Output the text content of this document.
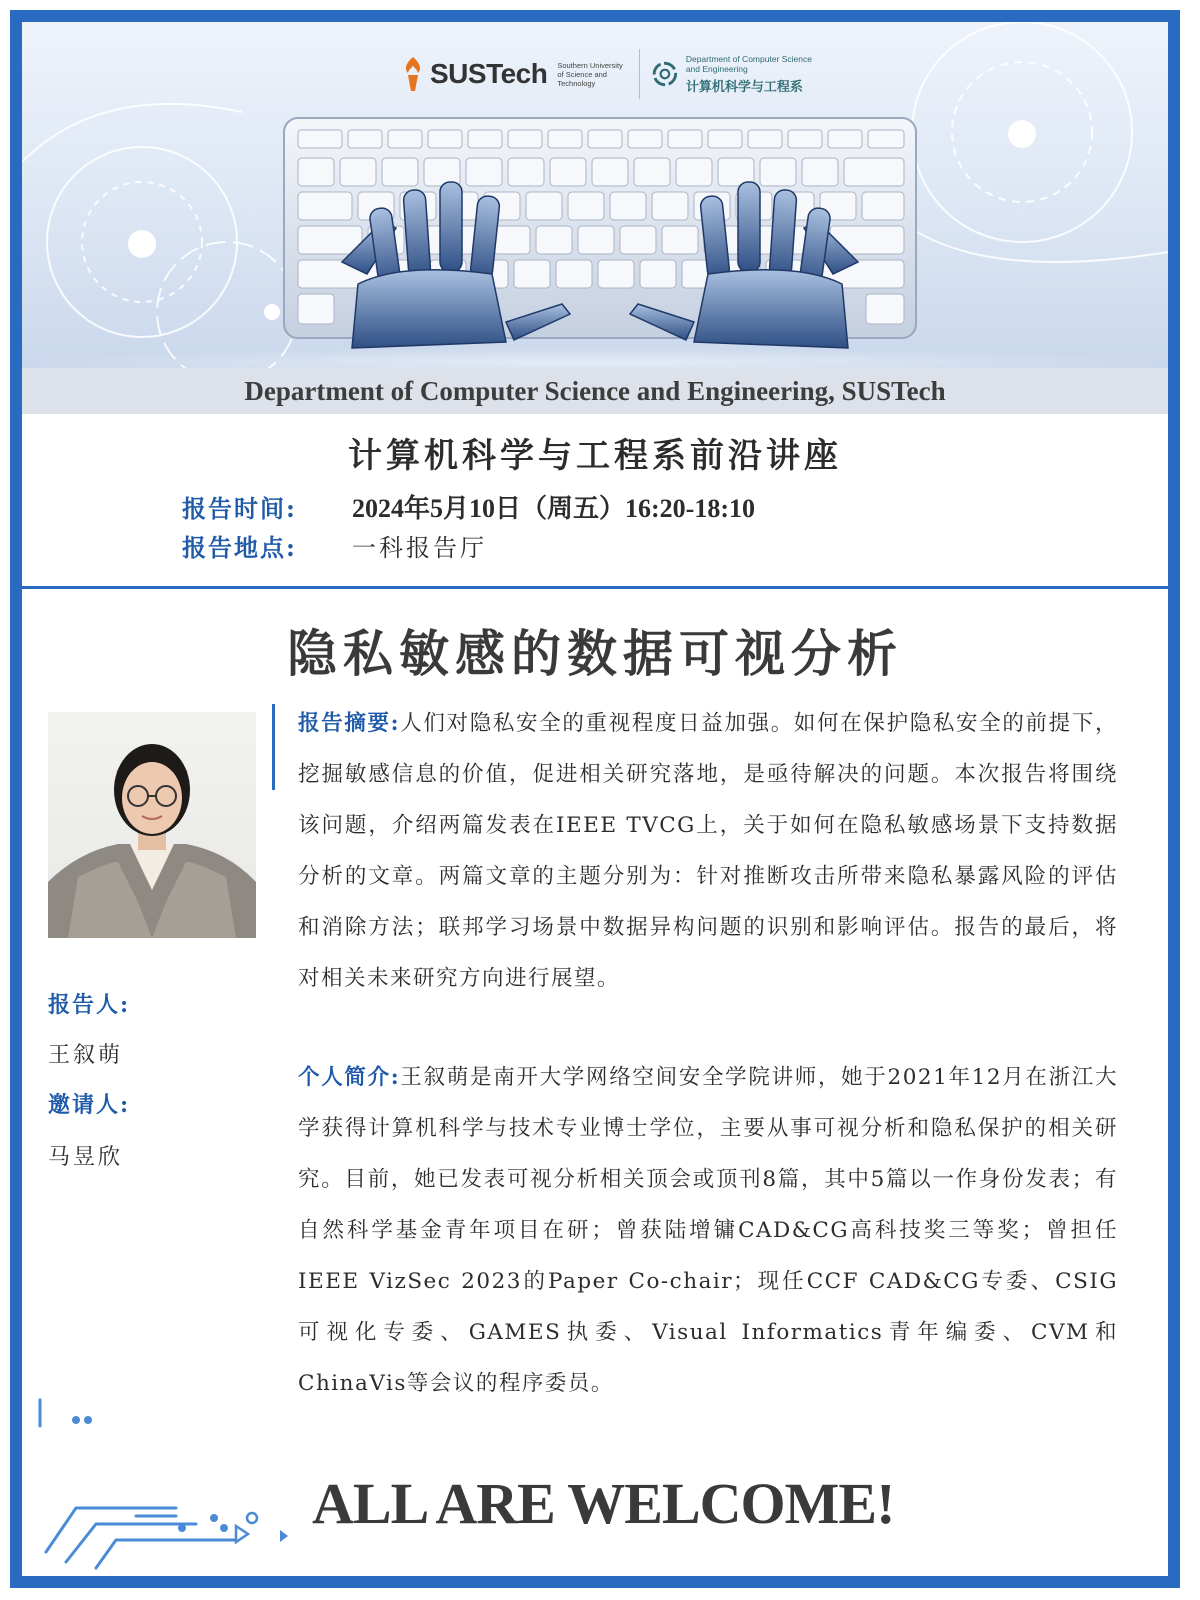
SUSTech Southern University of Science and Technology
Department of Computer Science and Engineering
计算机科学与工程系
Department of Computer Science and Engineering, SUSTech
计算机科学与工程系前沿讲座
报告时间:	2024年5月10日（周五）16:20-18:10
报告地点:	一科报告厅
隐私敏感的数据可视分析
报告人:
王叙萌
邀请人:
马昱欣
报告摘要:人们对隐私安全的重视程度日益加强。如何在保护隐私安全的前提下，挖掘敏感信息的价值，促进相关研究落地，是亟待解决的问题。本次报告将围绕该问题，介绍两篇发表在IEEE TVCG上，关于如何在隐私敏感场景下支持数据分析的文章。两篇文章的主题分别为：针对推断攻击所带来隐私暴露风险的评估和消除方法；联邦学习场景中数据异构问题的识别和影响评估。报告的最后，将对相关未来研究方向进行展望。
个人简介:王叙萌是南开大学网络空间安全学院讲师，她于2021年12月在浙江大学获得计算机科学与技术专业博士学位，主要从事可视分析和隐私保护的相关研究。目前，她已发表可视分析相关顶会或顶刊8篇，其中5篇以一作身份发表；有自然科学基金青年项目在研；曾获陆增镛CAD&CG高科技奖三等奖；曾担任IEEE VizSec 2023的Paper Co-chair；现任CCF CAD&CG专委、CSIG可视化专委、GAMES执委、Visual Informatics青年编委、CVM和ChinaVis等会议的程序委员。
ALL ARE WELCOME!
